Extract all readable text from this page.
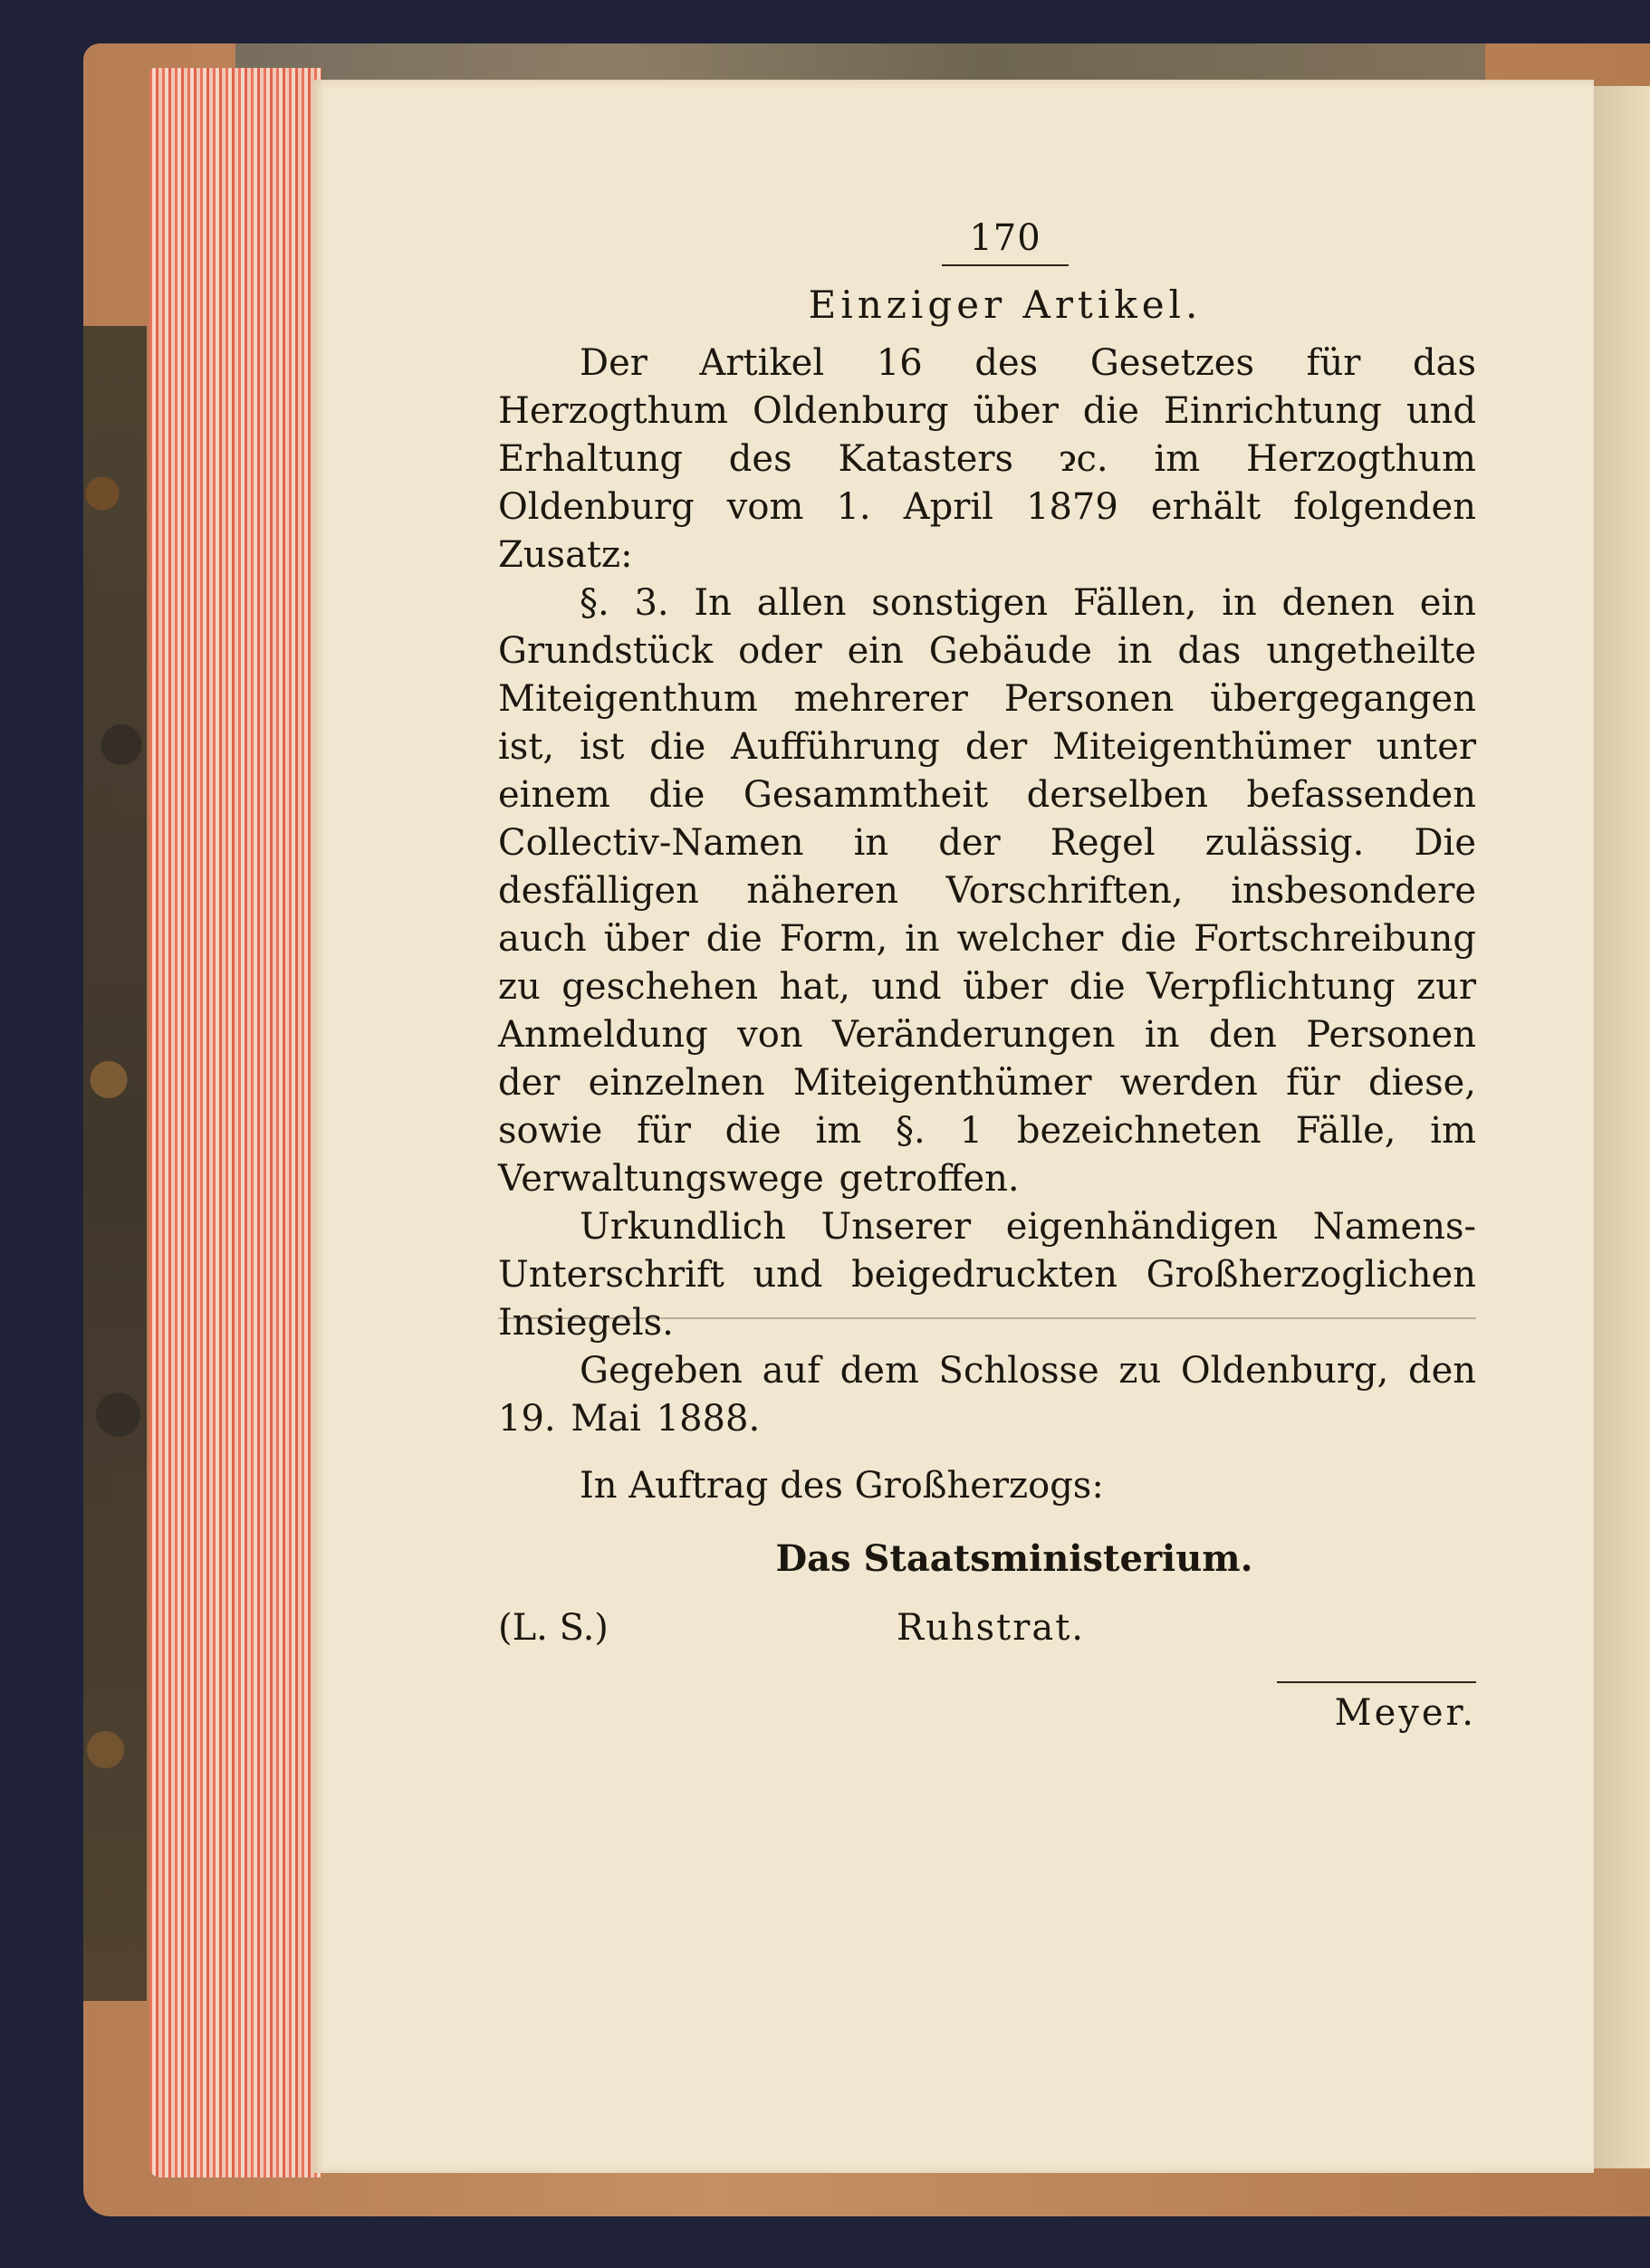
170
Einziger Artikel.

Der Artikel 16 des Gesetzes für das Herzogthum Oldenburg über die Einrichtung und Erhaltung des Katasters ɂc. im Herzogthum Oldenburg vom 1. April 1879 erhält folgenden Zusatz:

§. 3. In allen sonstigen Fällen, in denen ein Grundstück oder ein Gebäude in das ungetheilte Miteigenthum mehrerer Personen übergegangen ist, ist die Aufführung der Miteigenthümer unter einem die Gesammtheit derselben befassenden Collectiv-Namen in der Regel zulässig. Die desfälligen näheren Vorschriften, insbesondere auch über die Form, in welcher die Fortschreibung zu geschehen hat, und über die Verpflichtung zur Anmeldung von Veränderungen in den Personen der einzelnen Miteigenthümer werden für diese, sowie für die im §. 1 bezeichneten Fälle, im Verwaltungswege getroffen.

Urkundlich Unserer eigenhändigen Namens-Unterschrift und beigedruckten Großherzoglichen Insiegels.

Gegeben auf dem Schlosse zu Oldenburg, den 19. Mai 1888.

In Auftrag des Großherzogs:
Das Staatsministerium.
(L. S.)	Ruhstrat.
Meyer.
